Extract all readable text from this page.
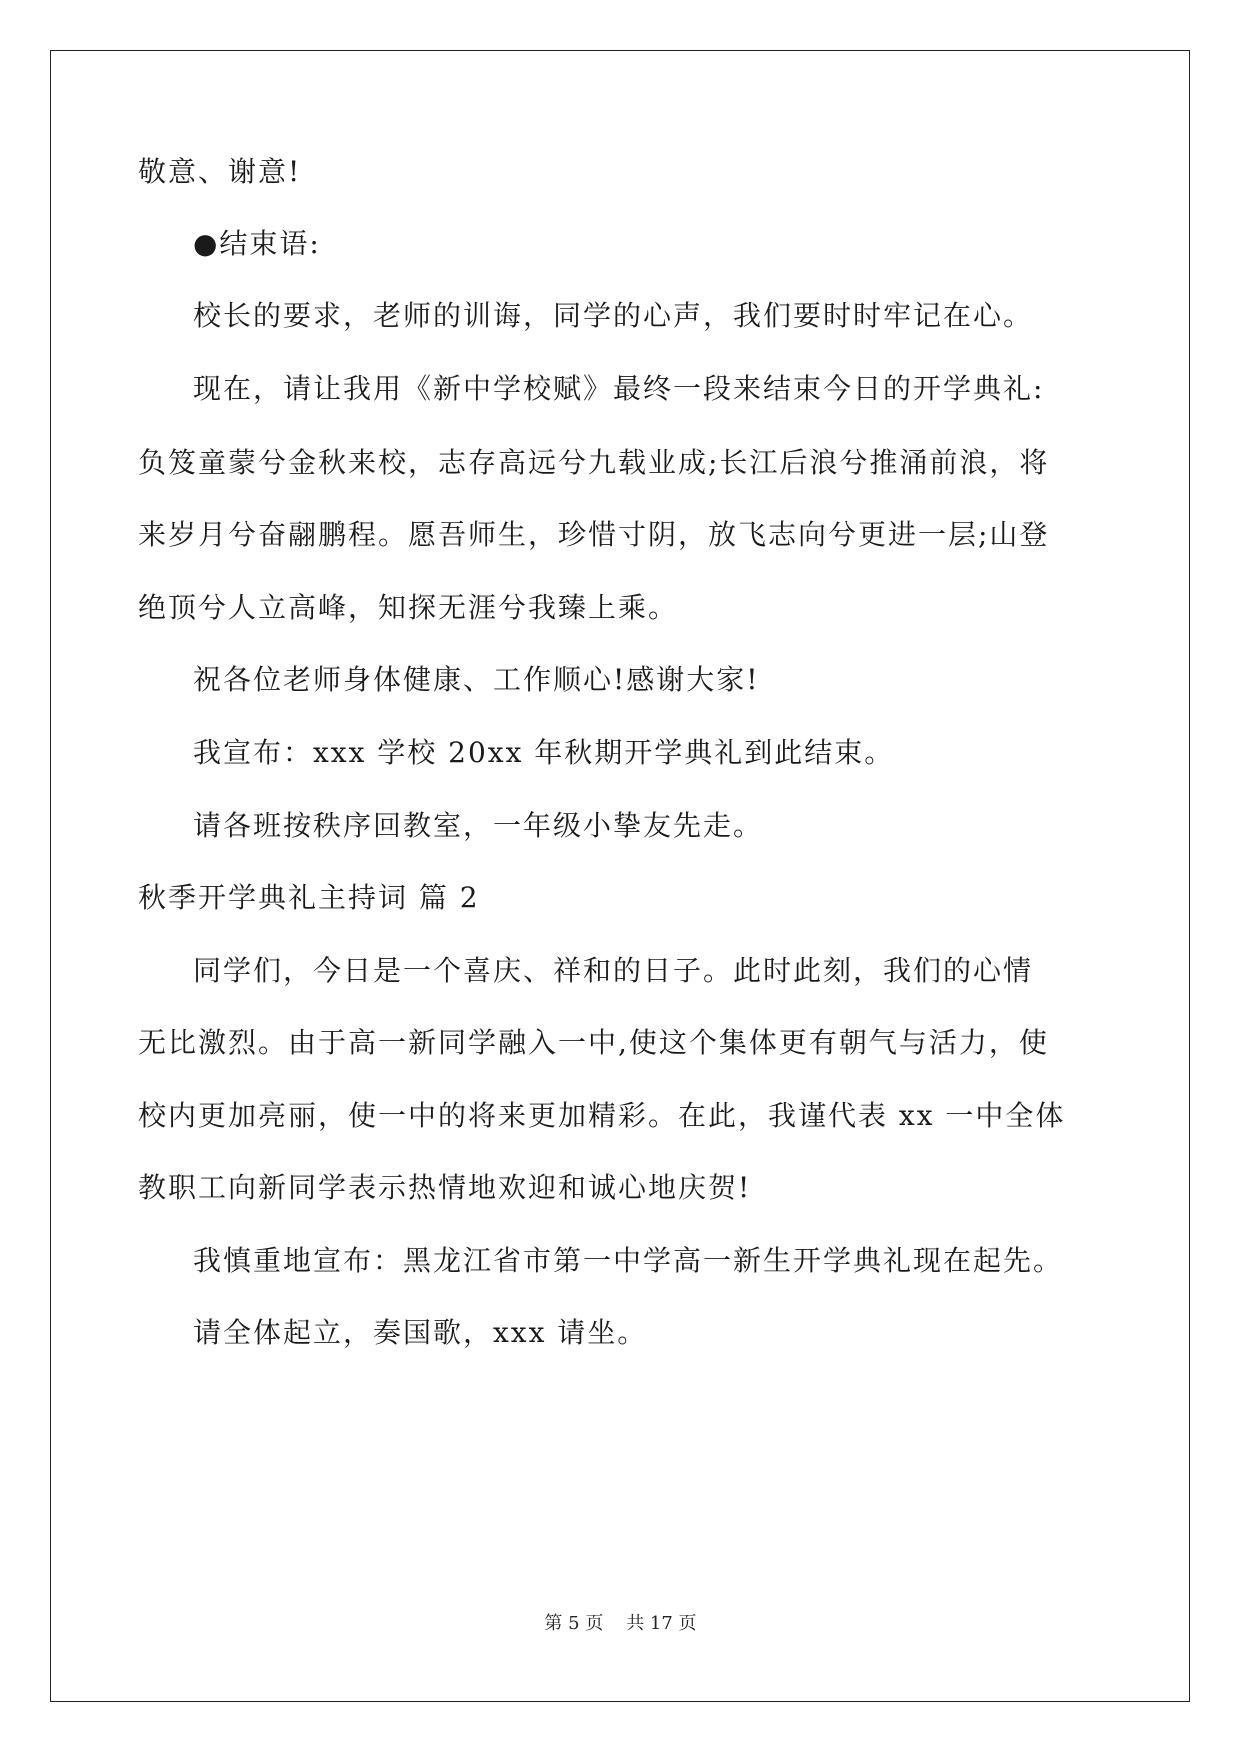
敬意、谢意!

●结束语:

校长的要求，老师的训诲，同学的心声，我们要时时牢记在心。

现在，请让我用《新中学校赋》最终一段来结束今日的开学典礼:

负笈童蒙兮金秋来校，志存高远兮九载业成;长江后浪兮推涌前浪，将

来岁月兮奋翮鹏程。愿吾师生，珍惜寸阴，放飞志向兮更进一层;山登

绝顶兮人立高峰，知探无涯兮我臻上乘。

祝各位老师身体健康、工作顺心!感谢大家!

我宣布：xxx 学校 20xx 年秋期开学典礼到此结束。

请各班按秩序回教室，一年级小挚友先走。

秋季开学典礼主持词 篇 2

同学们，今日是一个喜庆、祥和的日子。此时此刻，我们的心情

无比激烈。由于高一新同学融入一中,使这个集体更有朝气与活力，使

校内更加亮丽，使一中的将来更加精彩。在此，我谨代表 xx 一中全体

教职工向新同学表示热情地欢迎和诚心地庆贺!

我慎重地宣布：黑龙江省市第一中学高一新生开学典礼现在起先。

请全体起立，奏国歌，xxx 请坐。

第 5 页    共 17 页
